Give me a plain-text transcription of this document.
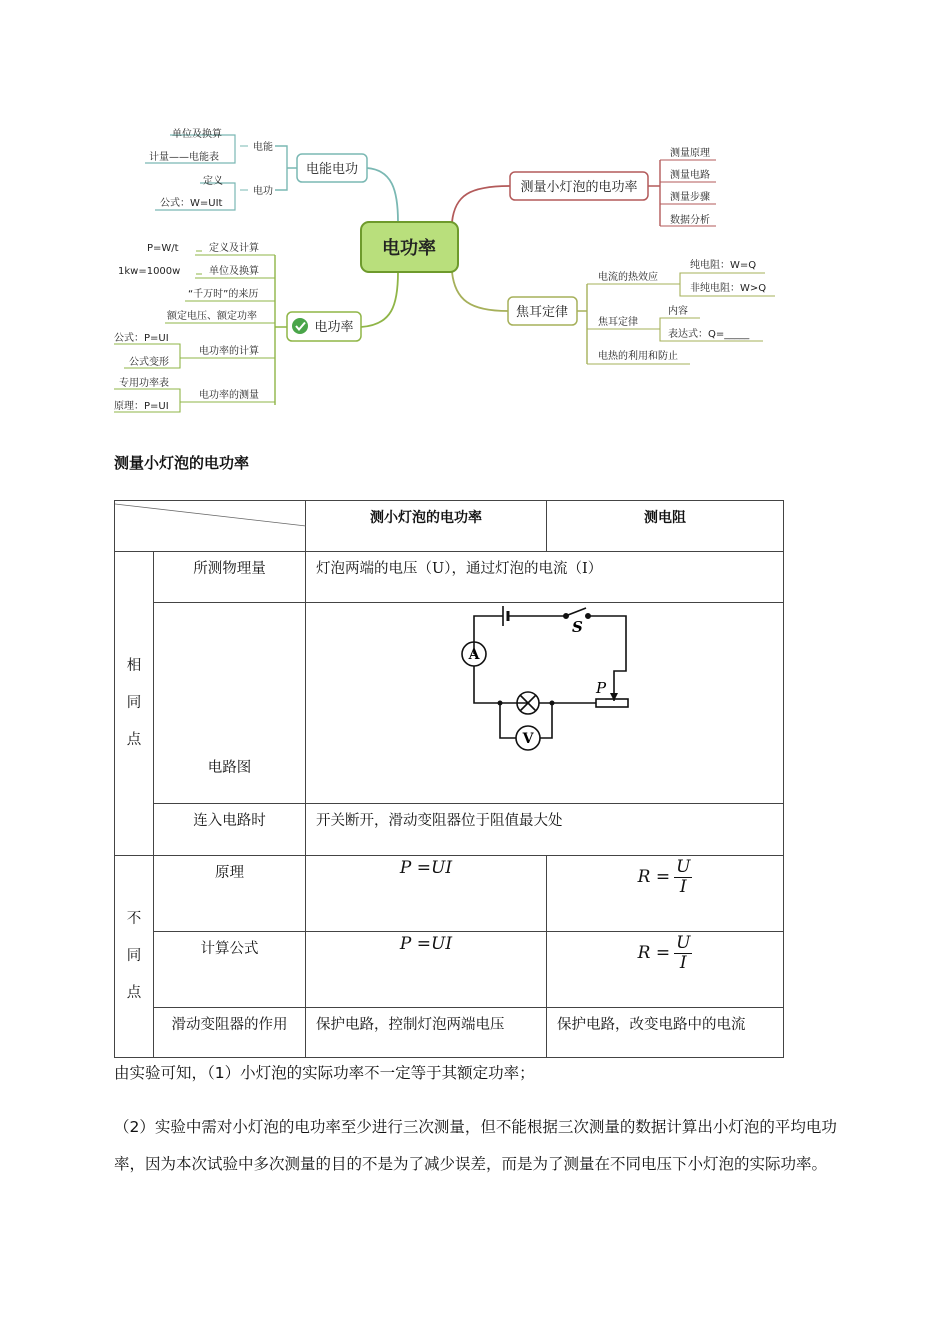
电功率
电能电功
电能
电功
单位及换算
计量——电能表
定义
公式：W=UIt
电功率
定义及计算
单位及换算
“千万时”的来历
额定电压、额定功率
电功率的计算
电功率的测量
P=W/t
1kw=1000w
公式：P=UI
公式变形
专用功率表
原理：P=UI
测量小灯泡的电功率
测量原理
测量电路
测量步骤
数据分析
焦耳定律
电流的热效应
焦耳定律
电热的利用和防止
纯电阻：W=Q
非纯电阻：W>Q
内容
表达式：Q=_____
测量小灯泡的电功率
	测小灯泡的电功率	测电阻

相
同
点	所测物理量	灯泡两端的电压（U），通过灯泡的电流（I）	
	电路图	A
V
S
P	

	连入电路时	开关断开，滑动变阻器位于阻值最大处	

不
同
点	原理	P =UI	$R = \frac{U}{I}$

	计算公式	P =UI	$R = \frac{U}{I}$

	滑动变阻器的作用	保护电路，控制灯泡两端电压	保护电路，改变电路中的电流
由实验可知，（1）小灯泡的实际功率不一定等于其额定功率；
（2）实验中需对小灯泡的电功率至少进行三次测量，但不能根据三次测量的数据计算出小灯泡的平均电功率，因为本次试验中多次测量的目的不是为了减少误差，而是为了测量在不同电压下小灯泡的实际功率。
